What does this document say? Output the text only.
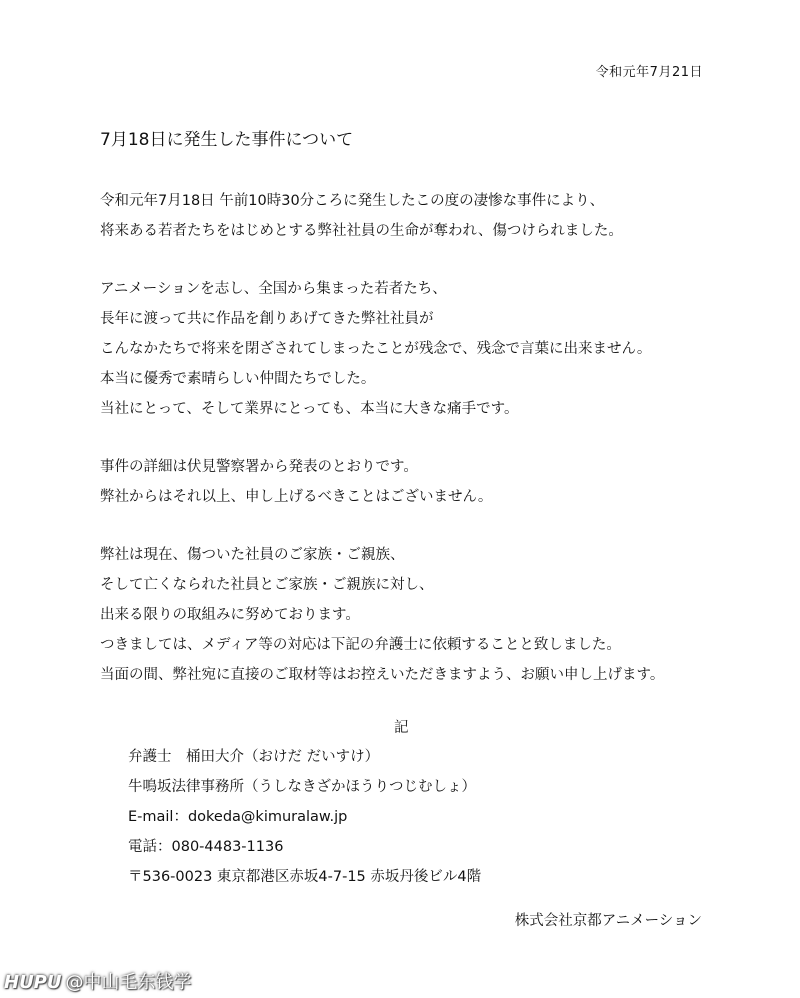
令和元年7月21日
7月18日に発生した事件について

令和元年7月18日 午前10時30分ころに発生したこの度の凄惨な事件により、
将来ある若者たちをはじめとする弊社社員の生命が奪われ、傷つけられました。

アニメーションを志し、全国から集まった若者たち、
長年に渡って共に作品を創りあげてきた弊社社員が
こんなかたちで将来を閉ざされてしまったことが残念で、残念で言葉に出来ません。
本当に優秀で素晴らしい仲間たちでした。
当社にとって、そして業界にとっても、本当に大きな痛手です。

事件の詳細は伏見警察署から発表のとおりです。
弊社からはそれ以上、申し上げるべきことはございません。

弊社は現在、傷ついた社員のご家族・ご親族、
そして亡くなられた社員とご家族・ご親族に対し、
出来る限りの取組みに努めております。
つきましては、メディア等の対応は下記の弁護士に依頼することと致しました。
当面の間、弊社宛に直接のご取材等はお控えいただきますよう、お願い申し上げます。

記
弁護士　桶田大介（おけだ だいすけ）
牛鳴坂法律事務所（うしなきざかほうりつじむしょ）
E-mail：dokeda@kimuralaw.jp
電話：080-4483-1136
〒536-0023 東京都港区赤坂4-7-15 赤坂丹後ビル4階
株式会社京都アニメーション
HUPU @中山毛东钱学
